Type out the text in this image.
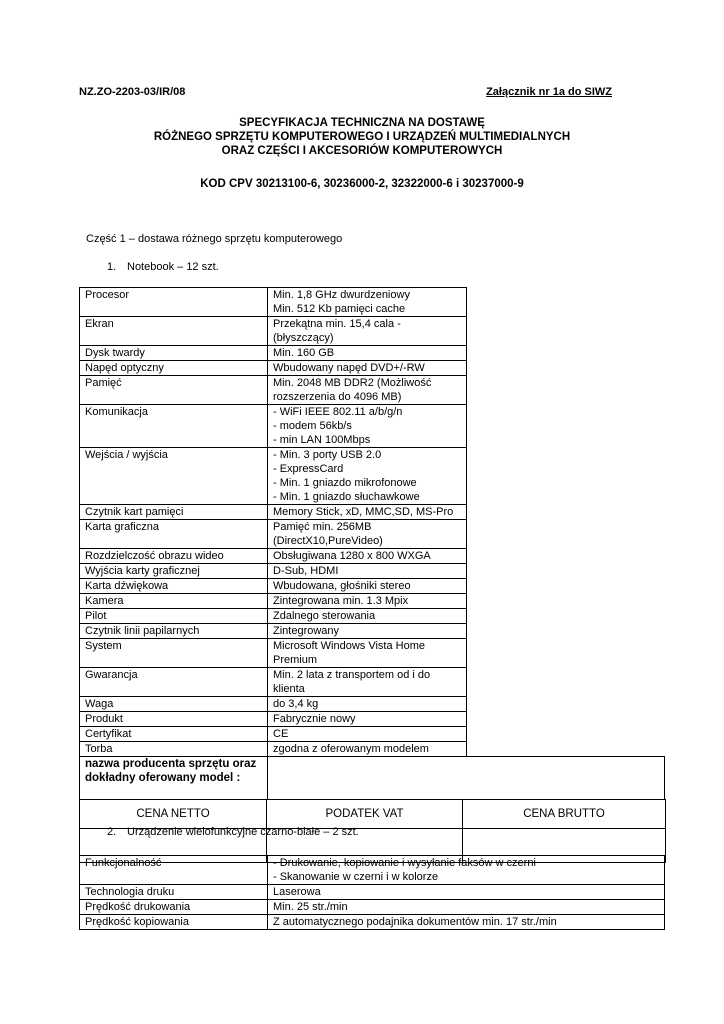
NZ.ZO-2203-03/IR/08	Załącznik nr 1a do SIWZ
SPECYFIKACJA TECHNICZNA NA DOSTAWĘ
RÓŻNEGO SPRZĘTU KOMPUTEROWEGO I URZĄDZEŃ MULTIMEDIALNYCH
ORAZ CZĘŚCI I AKCESORIÓW KOMPUTEROWYCH
KOD CPV 30213100-6, 30236000-2, 32322000-6 i 30237000-9
Część 1 – dostawa różnego sprzętu komputerowego
1. Notebook – 12 szt.
Procesor	Min. 1,8 GHz dwurdzeniowy
Min. 512 Kb pamięci cache

Ekran	Przekątna min. 15,4 cala - (błyszczący)

Dysk twardy	Min. 160 GB

Napęd optyczny	Wbudowany napęd DVD+/-RW

Pamięć	Min. 2048 MB DDR2 (Możliwość rozszerzenia do 4096 MB)

Komunikacja	- WiFi IEEE 802.11 a/b/g/n
- modem 56kb/s
- min LAN 100Mbps

Wejścia / wyjścia	- Min. 3 porty USB 2.0
- ExpressCard
- Min. 1 gniazdo mikrofonowe
- Min. 1 gniazdo słuchawkowe

Czytnik kart pamięci	Memory Stick, xD, MMC,SD, MS-Pro

Karta graficzna	Pamięć min. 256MB (DirectX10,PureVideo)

Rozdzielczość obrazu wideo	Obsługiwana 1280 x 800 WXGA

Wyjścia karty graficznej	D-Sub, HDMI

Karta dźwiękowa	Wbudowana, głośniki stereo

Kamera	Zintegrowana min. 1.3 Mpix

Pilot	Zdalnego sterowania

Czytnik linii papilarnych	Zintegrowany

System	Microsoft Windows Vista Home Premium

Gwarancja	Min. 2 lata z transportem od i do klienta

Waga	do 3,4 kg

Produkt	Fabrycznie nowy

Certyfikat	CE

Torba	zgodna z oferowanym modelem

nazwa producenta sprzętu oraz dokładny oferowany model :	
CENA NETTO	PODATEK VAT	CENA BRUTTO

2. Urządzenie wielofunkcyjne czarno-białe – 2 szt.
Funkcjonalność	- Drukowanie, kopiowanie i wysyłanie faksów w czerni
- Skanowanie w czerni i w kolorze

Technologia druku	Laserowa

Prędkość drukowania	Min. 25 str./min

Prędkość kopiowania	Z automatycznego podajnika dokumentów min. 17 str./min
